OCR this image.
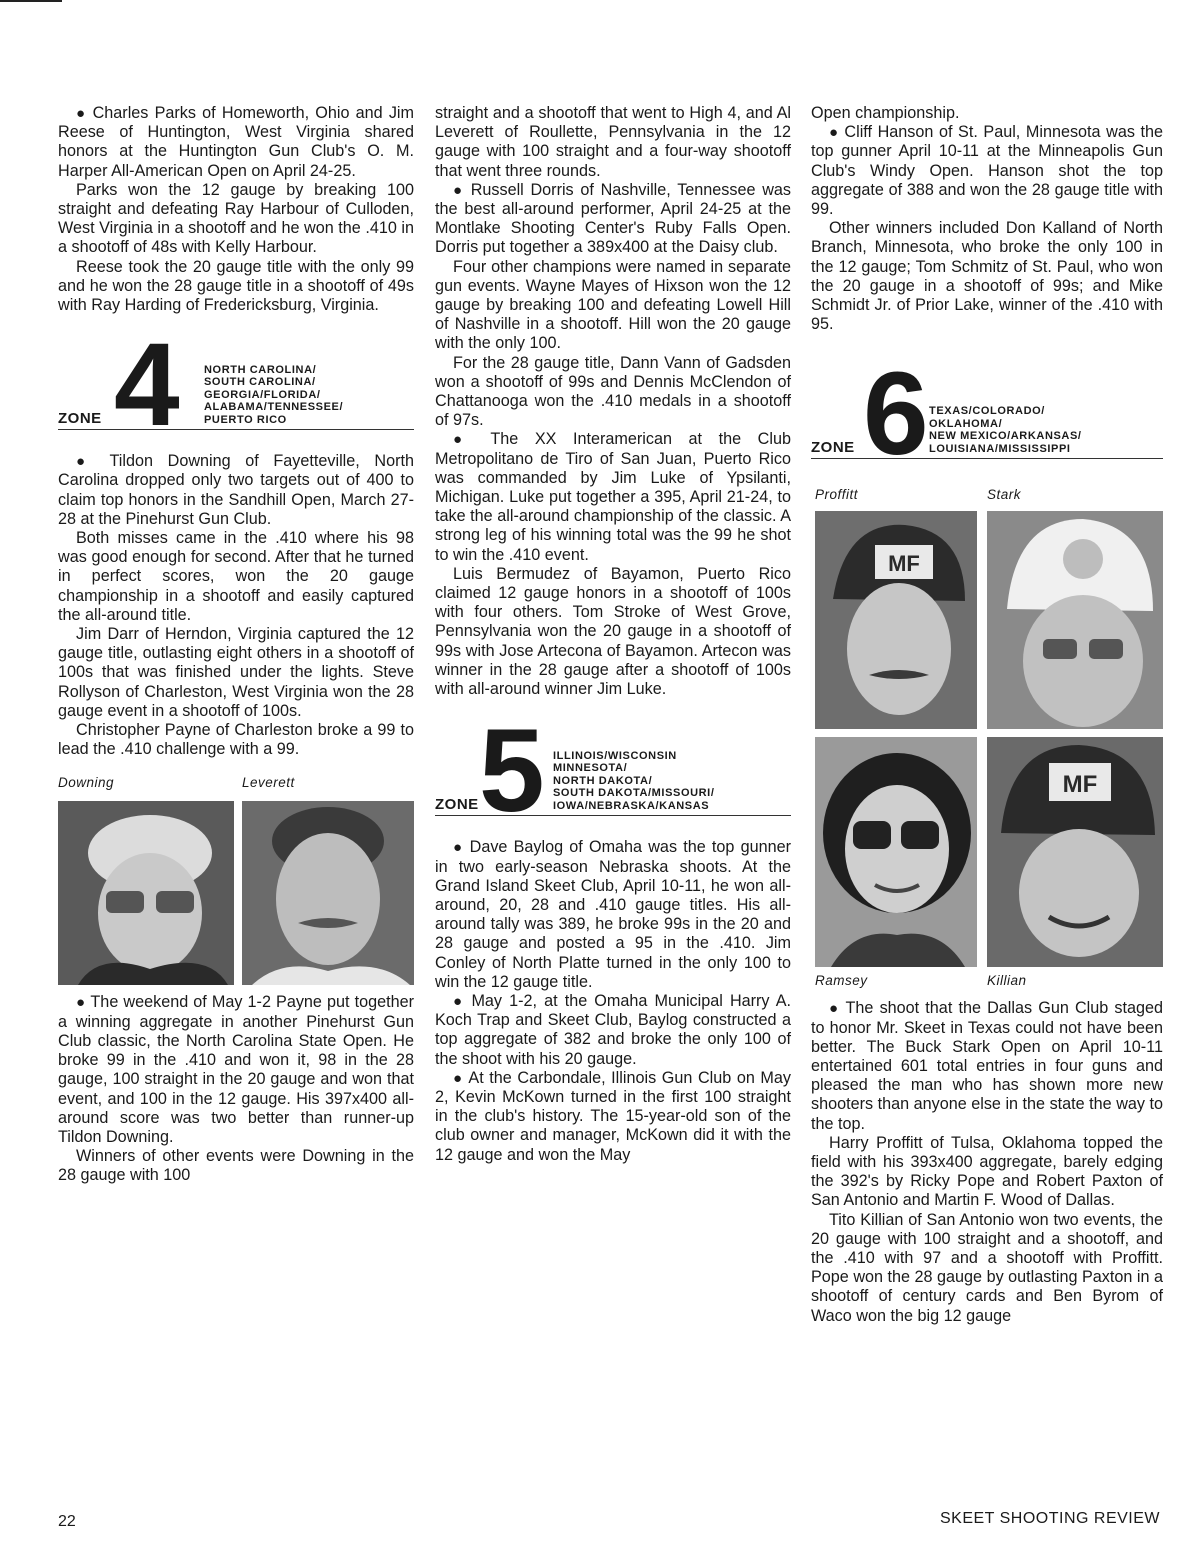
● Charles Parks of Homeworth, Ohio and Jim Reese of Huntington, West Virginia shared honors at the Huntington Gun Club's O. M. Harper All-American Open on April 24-25.

Parks won the 12 gauge by breaking 100 straight and defeating Ray Harbour of Culloden, West Virginia in a shootoff and he won the .410 in a shootoff of 48s with Kelly Harbour.

Reese took the 20 gauge title with the only 99 and he won the 28 gauge title in a shootoff of 49s with Ray Harding of Fredericksburg, Virginia.

ZONE 4 NORTH CAROLINA/
SOUTH CAROLINA/
GEORGIA/FLORIDA/
ALABAMA/TENNESSEE/
PUERTO RICO

● Tildon Downing of Fayetteville, North Carolina dropped only two targets out of 400 to claim top honors in the Sandhill Open, March 27-28 at the Pinehurst Gun Club.

Both misses came in the .410 where his 98 was good enough for second. After that he turned in perfect scores, won the 20 gauge championship in a shootoff and easily captured the all-around title.

Jim Darr of Herndon, Virginia captured the 12 gauge title, outlasting eight others in a shootoff of 100s that was finished under the lights. Steve Rollyson of Charleston, West Virginia won the 28 gauge event in a shootoff of 100s.

Christopher Payne of Charleston broke a 99 to lead the .410 challenge with a 99.

Downing	Leverett

● The weekend of May 1-2 Payne put together a winning aggregate in another Pinehurst Gun Club classic, the North Carolina State Open. He broke 99 in the .410 and won it, 98 in the 28 gauge, 100 straight in the 20 gauge and won that event, and 100 in the 12 gauge. His 397x400 all-around score was two better than runner-up Tildon Downing.

Winners of other events were Downing in the 28 gauge with 100

straight and a shootoff that went to High 4, and Al Leverett of Roullette, Pennsylvania in the 12 gauge with 100 straight and a four-way shootoff that went three rounds.

● Russell Dorris of Nashville, Tennessee was the best all-around performer, April 24-25 at the Montlake Shooting Center's Ruby Falls Open. Dorris put together a 389x400 at the Daisy club.

Four other champions were named in separate gun events. Wayne Mayes of Hixson won the 12 gauge by breaking 100 and defeating Lowell Hill of Nashville in a shootoff. Hill won the 20 gauge with the only 100.

For the 28 gauge title, Dann Vann of Gadsden won a shootoff of 99s and Dennis McClendon of Chattanooga won the .410 medals in a shootoff of 97s.

● The XX Interamerican at the Club Metropolitano de Tiro of San Juan, Puerto Rico was commanded by Jim Luke of Ypsilanti, Michigan. Luke put together a 395, April 21-24, to take the all-around championship of the classic. A strong leg of his winning total was the 99 he shot to win the .410 event.

Luis Bermudez of Bayamon, Puerto Rico claimed 12 gauge honors in a shootoff of 100s with four others. Tom Stroke of West Grove, Pennsylvania won the 20 gauge in a shootoff of 99s with Jose Artecona of Bayamon. Artecon was winner in the 28 gauge after a shootoff of 100s with all-around winner Jim Luke.

ZONE 5 ILLINOIS/WISCONSIN
MINNESOTA/
NORTH DAKOTA/
SOUTH DAKOTA/MISSOURI/
IOWA/NEBRASKA/KANSAS

● Dave Baylog of Omaha was the top gunner in two early-season Nebraska shoots. At the Grand Island Skeet Club, April 10-11, he won all-around, 20, 28 and .410 gauge titles. His all-around tally was 389, he broke 99s in the 20 and 28 gauge and posted a 95 in the .410. Jim Conley of North Platte turned in the only 100 to win the 12 gauge title.

● May 1-2, at the Omaha Municipal Harry A. Koch Trap and Skeet Club, Baylog constructed a top aggregate of 382 and broke the only 100 of the shoot with his 20 gauge.

● At the Carbondale, Illinois Gun Club on May 2, Kevin McKown turned in the first 100 straight in the club's history. The 15-year-old son of the club owner and manager, McKown did it with the 12 gauge and won the May

Open championship.

● Cliff Hanson of St. Paul, Minnesota was the top gunner April 10-11 at the Minneapolis Gun Club's Windy Open. Hanson shot the top aggregate of 388 and won the 28 gauge title with 99.

Other winners included Don Kalland of North Branch, Minnesota, who broke the only 100 in the 12 gauge; Tom Schmitz of St. Paul, who won the 20 gauge in a shootoff of 99s; and Mike Schmidt Jr. of Prior Lake, winner of the .410 with 95.

ZONE 6 TEXAS/COLORADO/
OKLAHOMA/
NEW MEXICO/ARKANSAS/
LOUISIANA/MISSISSIPPI
Proffitt	Stark
MF
MF
Ramsey	Killian

● The shoot that the Dallas Gun Club staged to honor Mr. Skeet in Texas could not have been better. The Buck Stark Open on April 10-11 entertained 601 total entries in four guns and pleased the man who has shown more new shooters than anyone else in the state the way to the top.

Harry Proffitt of Tulsa, Oklahoma topped the field with his 393x400 aggregate, barely edging the 392's by Ricky Pope and Robert Paxton of San Antonio and Martin F. Wood of Dallas.

Tito Killian of San Antonio won two events, the 20 gauge with 100 straight and a shootoff, and the .410 with 97 and a shootoff with Proffitt. Pope won the 28 gauge by outlasting Paxton in a shootoff of century cards and Ben Byrom of Waco won the big 12 gauge

22	SKEET SHOOTING REVIEW
